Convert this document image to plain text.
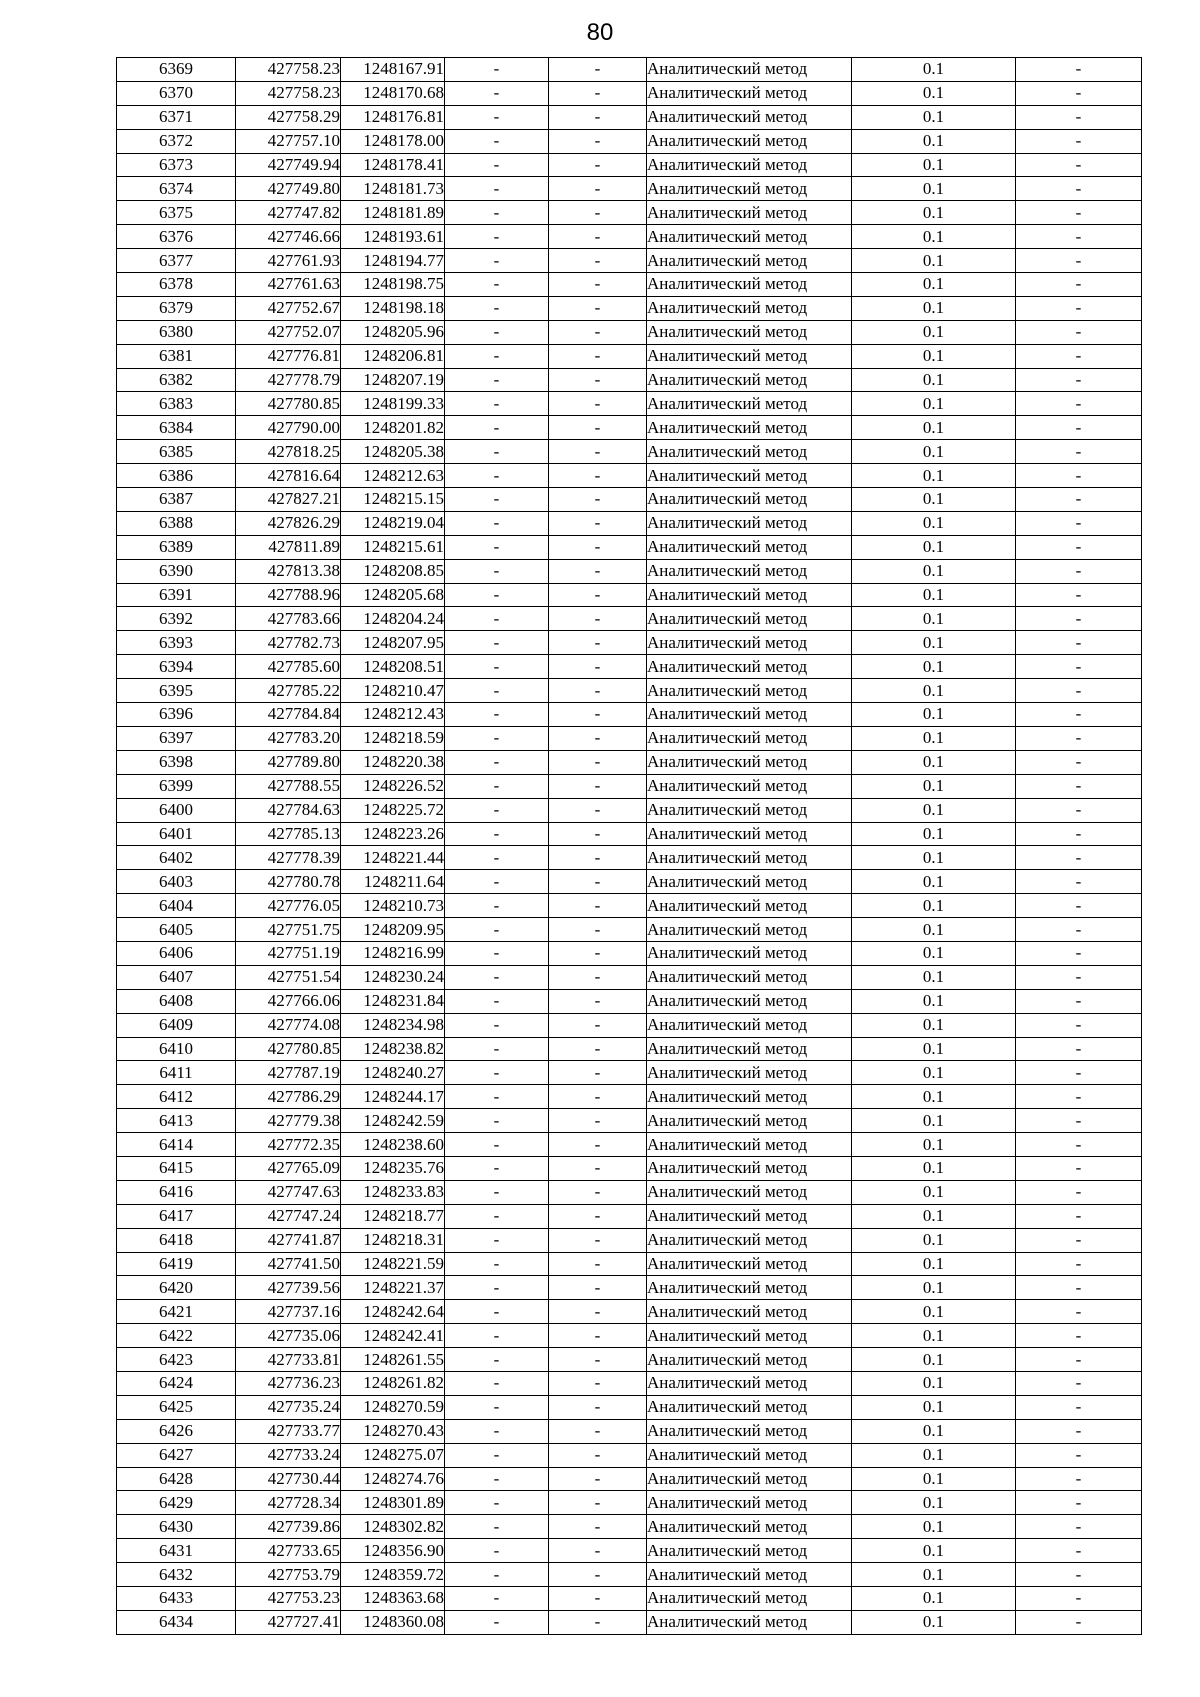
80
6369	427758.23	1248167.91	-	-	Аналитический метод	0.1	-
6370	427758.23	1248170.68	-	-	Аналитический метод	0.1	-
6371	427758.29	1248176.81	-	-	Аналитический метод	0.1	-
6372	427757.10	1248178.00	-	-	Аналитический метод	0.1	-
6373	427749.94	1248178.41	-	-	Аналитический метод	0.1	-
6374	427749.80	1248181.73	-	-	Аналитический метод	0.1	-
6375	427747.82	1248181.89	-	-	Аналитический метод	0.1	-
6376	427746.66	1248193.61	-	-	Аналитический метод	0.1	-
6377	427761.93	1248194.77	-	-	Аналитический метод	0.1	-
6378	427761.63	1248198.75	-	-	Аналитический метод	0.1	-
6379	427752.67	1248198.18	-	-	Аналитический метод	0.1	-
6380	427752.07	1248205.96	-	-	Аналитический метод	0.1	-
6381	427776.81	1248206.81	-	-	Аналитический метод	0.1	-
6382	427778.79	1248207.19	-	-	Аналитический метод	0.1	-
6383	427780.85	1248199.33	-	-	Аналитический метод	0.1	-
6384	427790.00	1248201.82	-	-	Аналитический метод	0.1	-
6385	427818.25	1248205.38	-	-	Аналитический метод	0.1	-
6386	427816.64	1248212.63	-	-	Аналитический метод	0.1	-
6387	427827.21	1248215.15	-	-	Аналитический метод	0.1	-
6388	427826.29	1248219.04	-	-	Аналитический метод	0.1	-
6389	427811.89	1248215.61	-	-	Аналитический метод	0.1	-
6390	427813.38	1248208.85	-	-	Аналитический метод	0.1	-
6391	427788.96	1248205.68	-	-	Аналитический метод	0.1	-
6392	427783.66	1248204.24	-	-	Аналитический метод	0.1	-
6393	427782.73	1248207.95	-	-	Аналитический метод	0.1	-
6394	427785.60	1248208.51	-	-	Аналитический метод	0.1	-
6395	427785.22	1248210.47	-	-	Аналитический метод	0.1	-
6396	427784.84	1248212.43	-	-	Аналитический метод	0.1	-
6397	427783.20	1248218.59	-	-	Аналитический метод	0.1	-
6398	427789.80	1248220.38	-	-	Аналитический метод	0.1	-
6399	427788.55	1248226.52	-	-	Аналитический метод	0.1	-
6400	427784.63	1248225.72	-	-	Аналитический метод	0.1	-
6401	427785.13	1248223.26	-	-	Аналитический метод	0.1	-
6402	427778.39	1248221.44	-	-	Аналитический метод	0.1	-
6403	427780.78	1248211.64	-	-	Аналитический метод	0.1	-
6404	427776.05	1248210.73	-	-	Аналитический метод	0.1	-
6405	427751.75	1248209.95	-	-	Аналитический метод	0.1	-
6406	427751.19	1248216.99	-	-	Аналитический метод	0.1	-
6407	427751.54	1248230.24	-	-	Аналитический метод	0.1	-
6408	427766.06	1248231.84	-	-	Аналитический метод	0.1	-
6409	427774.08	1248234.98	-	-	Аналитический метод	0.1	-
6410	427780.85	1248238.82	-	-	Аналитический метод	0.1	-
6411	427787.19	1248240.27	-	-	Аналитический метод	0.1	-
6412	427786.29	1248244.17	-	-	Аналитический метод	0.1	-
6413	427779.38	1248242.59	-	-	Аналитический метод	0.1	-
6414	427772.35	1248238.60	-	-	Аналитический метод	0.1	-
6415	427765.09	1248235.76	-	-	Аналитический метод	0.1	-
6416	427747.63	1248233.83	-	-	Аналитический метод	0.1	-
6417	427747.24	1248218.77	-	-	Аналитический метод	0.1	-
6418	427741.87	1248218.31	-	-	Аналитический метод	0.1	-
6419	427741.50	1248221.59	-	-	Аналитический метод	0.1	-
6420	427739.56	1248221.37	-	-	Аналитический метод	0.1	-
6421	427737.16	1248242.64	-	-	Аналитический метод	0.1	-
6422	427735.06	1248242.41	-	-	Аналитический метод	0.1	-
6423	427733.81	1248261.55	-	-	Аналитический метод	0.1	-
6424	427736.23	1248261.82	-	-	Аналитический метод	0.1	-
6425	427735.24	1248270.59	-	-	Аналитический метод	0.1	-
6426	427733.77	1248270.43	-	-	Аналитический метод	0.1	-
6427	427733.24	1248275.07	-	-	Аналитический метод	0.1	-
6428	427730.44	1248274.76	-	-	Аналитический метод	0.1	-
6429	427728.34	1248301.89	-	-	Аналитический метод	0.1	-
6430	427739.86	1248302.82	-	-	Аналитический метод	0.1	-
6431	427733.65	1248356.90	-	-	Аналитический метод	0.1	-
6432	427753.79	1248359.72	-	-	Аналитический метод	0.1	-
6433	427753.23	1248363.68	-	-	Аналитический метод	0.1	-
6434	427727.41	1248360.08	-	-	Аналитический метод	0.1	-
